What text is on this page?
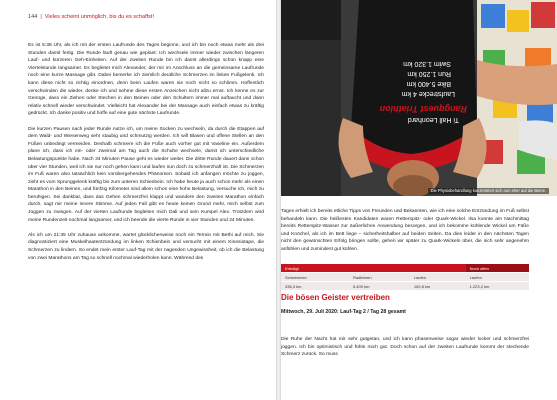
144 | Vieles scheint unmöglich, bis du es schaffst!

Es ist 5:38 Uhr, als ich mit der ersten Laufrunde des Tages beginne, und ich bin noch etwas mehr als drei Stunden damit fertig. Die Runde läuft genau wie geplant: Ich wechsele immer wieder zwischen längeren Lauf- und kürzeren Geh-Einheiten. Auf der zweiten Runde bin ich damit allerdings schon knapp eine Viertelstunde langsamer. Es begleitet mich Alexander, der mir im Anschluss an die gemeinsame Laufrunde noch eine kurze Massage gibt. Dabei bemerke ich ziemlich deutliche Schmerzen im linken Fußgelenk. Ich kann diese nicht so richtig einordnen, denn beim Laufen waren sie noch nicht so schlimm. Hoffentlich verschwinden die wieder, denke ich und nehme diese ersten Anzeichen nicht allzu ernst. Ich kenne es zur Genüge, dass ein Ziehen oder Stechen in den Beinen oder den Schultern immer mal auftaucht und dann relativ schnell wieder verschwindet. Vielleicht hat Alexander bei der Massage auch einfach etwas zu kräftig gedrückt. Ich danke positiv und hoffe auf eine gute nächste Laufrunde.

Die kurzen Pausen nach jeder Runde nutze ich, um meine Socken zu wechseln, da durch die Etappen auf dem Wald- und Wiesenweg sehr staubig und schmutzig werden. Ich will Blasen und offene Stellen an den Füßen unbedingt vermeiden. Deshalb schmiere ich die Füße auch vorher gut mit Vaseline ein. Außerdem plane ich, dass ich ein- oder zweimal am Tag auch die Schuhe wechsele, damit ich unterschiedliche Belastungspunkte habe. Nach 34 Minuten Pause geht es wieder weiter. Die dritte Runde dauert dann schon über vier Stunden, weil ich sie nur noch gehen kann und laufen nun doch zu schmerzhaft ist. Die Schmerzen im Fuß waren also tatsächlich kein vorübergehendes Phänomen. Sobald ich anfangen möchte zu joggen, zieht es vom Sprunggelenk kräftig bis zum unteren Schienbein. Ich habe heute ja auch schon mehr als einen Marathon in den Beinen, und fünfzig Kilometer sind allein schon eine hohe Belastung, versuche ich, mich zu beruhigen. Sei dankbar, dass das Gehen schmerzfrei klappt und wandere den zweiten Marathon einfach durch, sagt mir meine innere Stimme. Auf jeden Fall gibt es heute keinen Grund mehr, mich selbst zum Joggen zu zwingen. Auf der vierten Laufrunde begleiten mich Dali und sein Kumpel Alex. Trotzdem wird meine Rundenzeit nochmal langsamer, und ich beende die vierte Runde in vier Stunden und 24 Minuten.

Als ich um 21:35 Uhr zuhause ankomme, wartet glücklicherweise noch ein Termin mit Bethi auf mich. Sie diagnostiziert eine Muskelhautentzündung im linken Schienbein und versucht mit einem Kinesiotape, die Schmerzen zu lindern. So endet mein erster Lauf-Tag mit der nagenden Ungewissheit, ob ich die Belastung von zwei Marathons am Tag so schnell nochmal wiederholen kann. Während des

Ti Hall Leonhard
Rangquest Triathlon
Laufstrecke 4 km
Bike 5.400 km
Run 1.250 km
Swim 1.320 km
Die Physiobehandlung konzentriert sich nun eher auf die Beine.

Tages erhielt ich bereits etliche Tipps von Freunden und Bekannten, wie ich eine solche Entzündung im Fuß selbst behandeln kann. Die heißesten Kandidaten waren Retterspitz- oder Quark-Wickel. Ilsa konnte am Nachmittag bereits Retterspitz-Wasser zur äußerlichen Anwendung besorgen, und ich bekomme kühlende Wickel um Füße und Knöchel, als ich im Bett liege – sicherheitshalber auf beiden Seiten. Da dies leider in den nächsten Tagen nicht den gewünschten Erfolg bringen sollte, gehen wir später zu Quark-Wickeln über, die sich sehr angenehm anfühlen und zumindest gut kühlen.

Erledigt			Noch offen
Schwimmen	Radfahren	Laufen	Laufen
336,3 km	5.400 km	100,8 km	1.223,2 km
Die bösen Geister vertreiben
Mittwoch, 29. Juli 2020: Lauf-Tag 2 / Tag 28 gesamt

Die Ruhe der Nacht hat mir sehr gutgetan, und ich kann phasenweise sogar wieder locker und schmerzfrei joggen. Ich bin optimistisch und fühle mich gut. Doch schon auf der zweiten Laufrunde kommt der stechende Schmerz zurück. So muss
